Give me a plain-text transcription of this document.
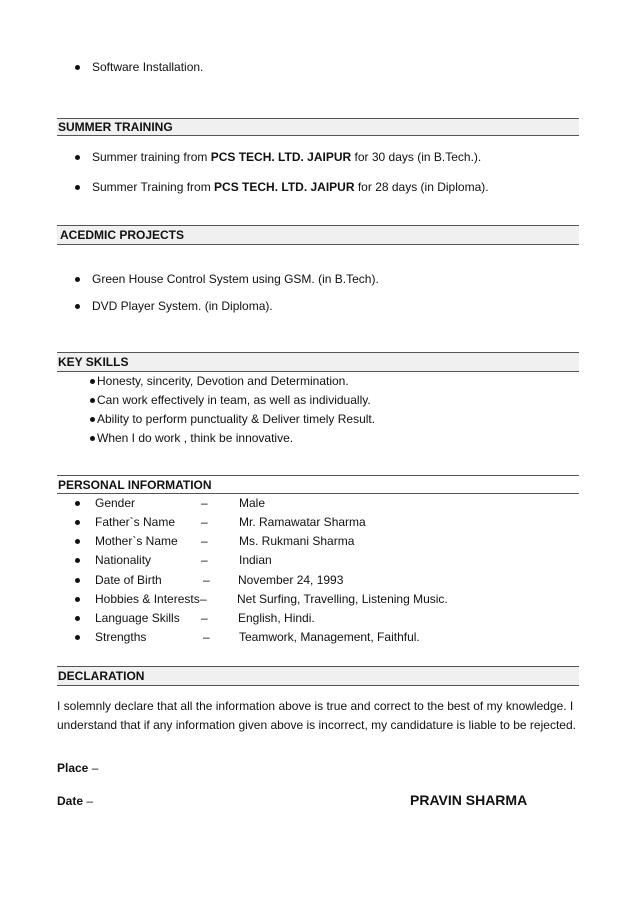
Software Installation.
SUMMER TRAINING
Summer training from PCS TECH. LTD. JAIPUR for 30 days (in B.Tech.).
Summer Training from PCS TECH. LTD. JAIPUR for 28 days (in Diploma).
ACEDMIC PROJECTS
Green House Control System using GSM. (in B.Tech).
DVD Player System. (in Diploma).
KEY SKILLS
Honesty, sincerity, Devotion and Determination.
Can work effectively in team, as well as individually.
Ability to perform punctuality & Deliver timely Result.
When I do work , think be innovative.
PERSONAL INFORMATION
Gender	–	Male
Father`s Name –	Mr. Ramawatar Sharma
Mother`s Name –	Ms. Rukmani Sharma
Nationality	–	Indian
Date of Birth	– November 24, 1993
Hobbies & Interests –	Net Surfing, Travelling, Listening Music.
Language Skills –	English, Hindi.
Strengths	– Teamwork, Management, Faithful.
DECLARATION
I solemnly declare that all the information above is true and correct to the best of my knowledge. I understand that if any information given above is incorrect, my candidature is liable to be rejected.
Place –
Date –	PRAVIN SHARMA
